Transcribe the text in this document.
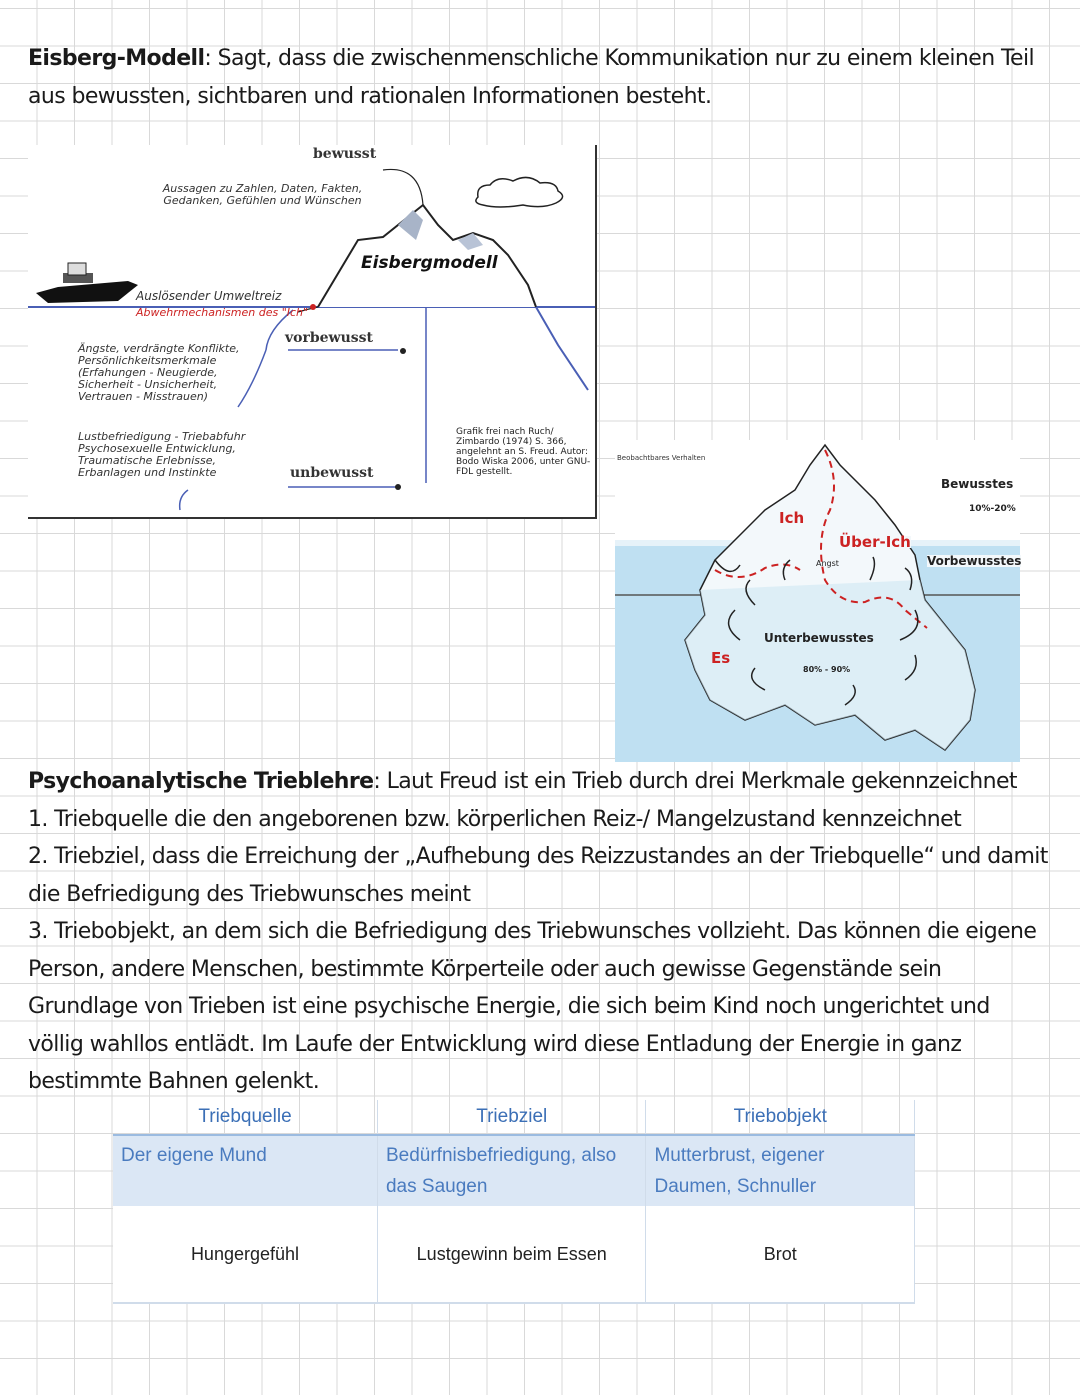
Eisberg-Modell: Sagt, dass die zwischenmenschliche Kommunikation nur zu einem kleinen Teil aus bewussten, sichtbaren und rationalen Informationen besteht.
bewusst
Aussagen zu Zahlen, Daten, Fakten, Gedanken, Gefühlen und Wünschen
Eisbergmodell
Auslösender Umweltreiz
Abwehrmechanismen des "Ich"
vorbewusst
Ängste, verdrängte Konflikte, Persönlichkeitsmerkmale (Erfahungen - Neugierde, Sicherheit - Unsicherheit, Vertrauen - Misstrauen)
Lustbefriedigung - Triebabfuhr Psychosexuelle Entwicklung, Traumatische Erlebnisse, Erbanlagen und Instinkte	unbewusst
Grafik frei nach Ruch/ Zimbardo (1974) S. 366, angelehnt an S. Freud. Autor: Bodo Wiska 2006, unter GNU-FDL gestellt.
Beobachtbares Verhalten
Bewusstes
10%-20%
Ich
Über-Ich
Angst	Vorbewusstes
Unterbewusstes
80% - 90%
Es
Psychoanalytische Trieblehre: Laut Freud ist ein Trieb durch drei Merkmale gekennzeichnet
1. Triebquelle die den angeborenen bzw. körperlichen Reiz-/ Mangelzustand kennzeichnet
2. Triebziel, dass die Erreichung der „Aufhebung des Reizzustandes an der Triebquelle“ und damit die Befriedigung des Triebwunsches meint
3. Triebobjekt, an dem sich die Befriedigung des Triebwunsches vollzieht. Das können die eigene Person, andere Menschen, bestimmte Körperteile oder auch gewisse Gegenstände sein
Grundlage von Trieben ist eine psychische Energie, die sich beim Kind noch ungerichtet und völlig wahllos entlädt. Im Laufe der Entwicklung wird diese Entladung der Energie in ganz bestimmte Bahnen gelenkt.
Triebquelle	Triebziel	Triebobjekt
Der eigene Mund	Bedürfnisbefriedigung, also das Saugen	Mutterbrust, eigener Daumen, Schnuller
Hungergefühl	Lustgewinn beim Essen	Brot
